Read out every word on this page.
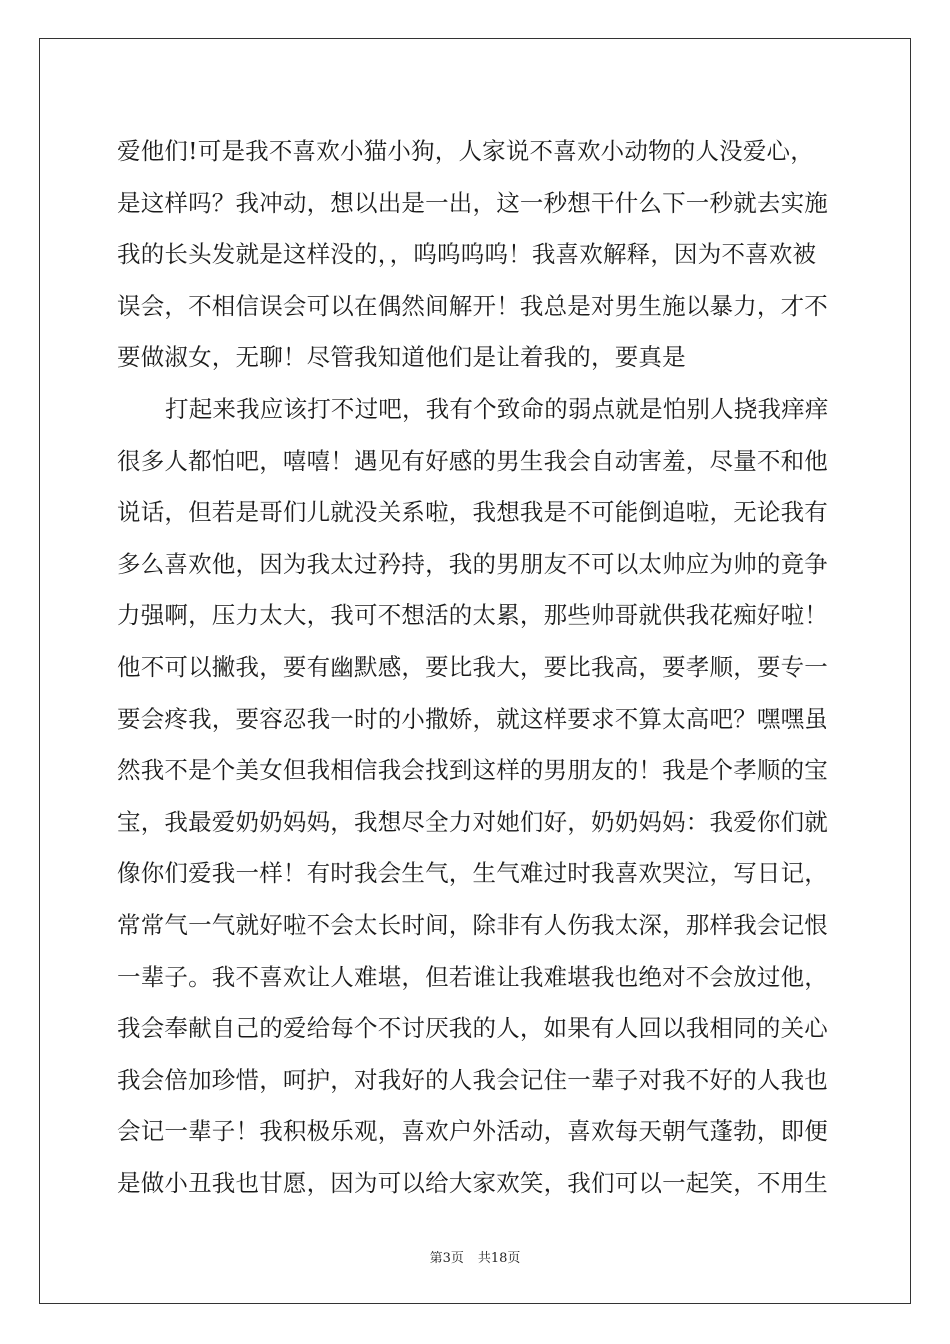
爱他们!可是我不喜欢小猫小狗，人家说不喜欢小动物的人没爱心，
是这样吗？我冲动，想以出是一出，这一秒想干什么下一秒就去实施
我的长头发就是这样没的，，呜呜呜呜！我喜欢解释，因为不喜欢被
误会，不相信误会可以在偶然间解开！我总是对男生施以暴力，才不
要做淑女，无聊！尽管我知道他们是让着我的，要真是
打起来我应该打不过吧，我有个致命的弱点就是怕别人挠我痒痒
很多人都怕吧，嘻嘻！遇见有好感的男生我会自动害羞，尽量不和他
说话，但若是哥们儿就没关系啦，我想我是不可能倒追啦，无论我有
多么喜欢他，因为我太过矜持，我的男朋友不可以太帅应为帅的竟争
力强啊，压力太大，我可不想活的太累，那些帅哥就供我花痴好啦！
他不可以撇我，要有幽默感，要比我大，要比我高，要孝顺，要专一
要会疼我，要容忍我一时的小撒娇，就这样要求不算太高吧？嘿嘿虽
然我不是个美女但我相信我会找到这样的男朋友的！我是个孝顺的宝
宝，我最爱奶奶妈妈，我想尽全力对她们好，奶奶妈妈：我爱你们就
像你们爱我一样！有时我会生气，生气难过时我喜欢哭泣，写日记，
常常气一气就好啦不会太长时间，除非有人伤我太深，那样我会记恨
一辈子。我不喜欢让人难堪，但若谁让我难堪我也绝对不会放过他，
我会奉献自己的爱给每个不讨厌我的人，如果有人回以我相同的关心
我会倍加珍惜，呵护，对我好的人我会记住一辈子对我不好的人我也
会记一辈子！我积极乐观，喜欢户外活动，喜欢每天朝气蓬勃，即便
是做小丑我也甘愿，因为可以给大家欢笑，我们可以一起笑，不用生
第3页 共18页
